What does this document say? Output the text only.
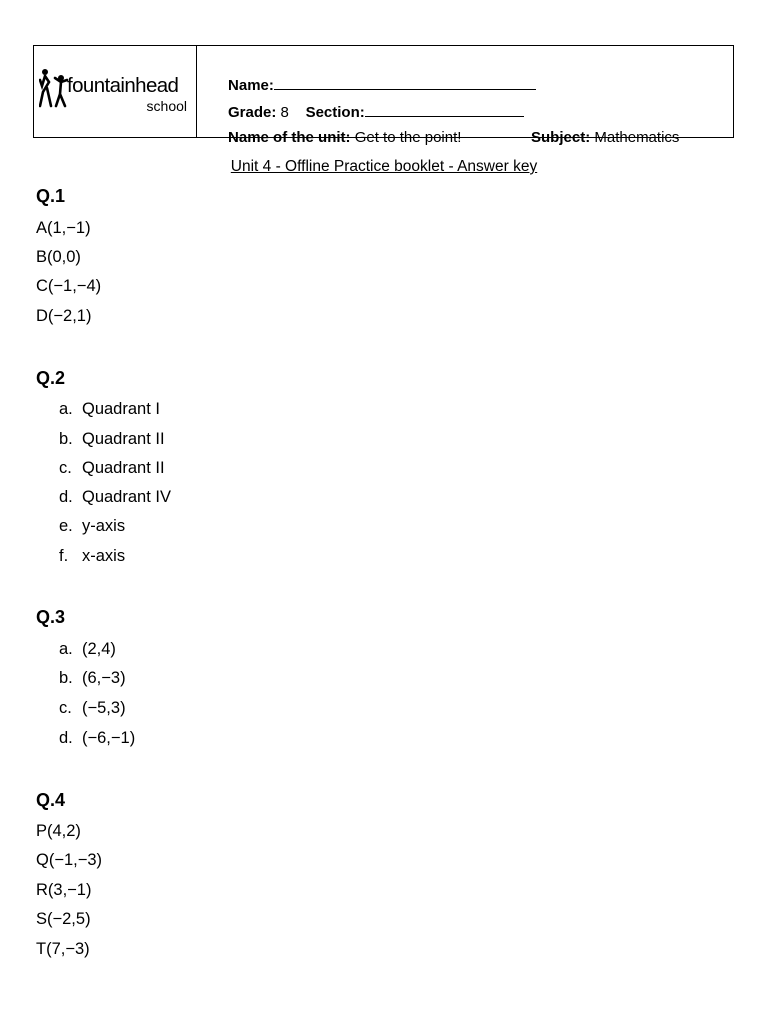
fountainhead
school

Name:

Grade: 8 Section:

Name of the unit: Get to the point!
	Subject: Mathematics

Unit 4 - Offline Practice booklet - Answer key
Q.1
A(1,−1)
B(0,0)
C(−1,−4)
D(−2,1)
Q.2
a. Quadrant I
b. Quadrant II
c. Quadrant II
d. Quadrant IV
e. y-axis
f. x-axis
Q.3
a. (2,4)
b. (6,−3)
c. (−5,3)
d. (−6,−1)
Q.4
P(4,2)
Q(−1,−3)
R(3,−1)
S(−2,5)
T(7,−3)
